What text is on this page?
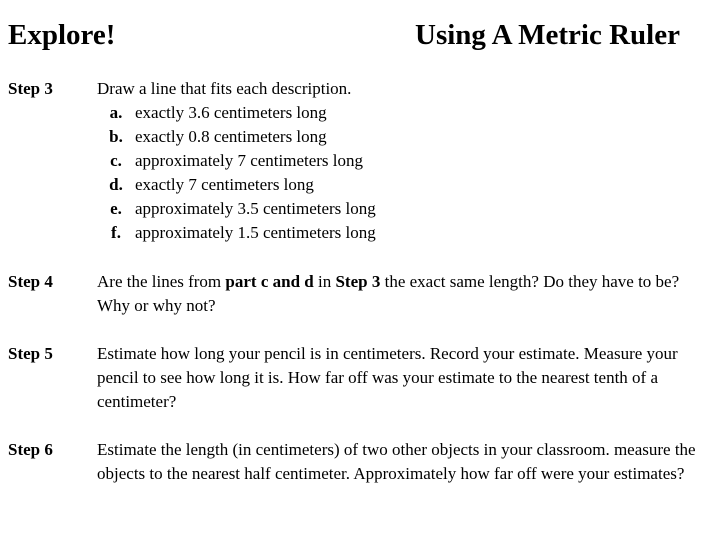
Explore!	Using A Metric Ruler
Step 3	Draw a line that fits each description.

a. exactly 3.6 centimeters long
b. exactly 0.8 centimeters long
c. approximately 7 centimeters long
d. exactly 7 centimeters long
e. approximately 3.5 centimeters long
f. approximately 1.5 centimeters long
Step 4	Are the lines from part c and d in Step 3 the exact same length? Do they have to be? Why or why not?

Step 5	Estimate how long your pencil is in centimeters. Record your estimate. Measure your pencil to see how long it is. How far off was your estimate to the nearest tenth of a centimeter?

Step 6	Estimate the length (in centimeters) of two other objects in your classroom. measure the objects to the nearest half centimeter. Approximately how far off were your estimates?
